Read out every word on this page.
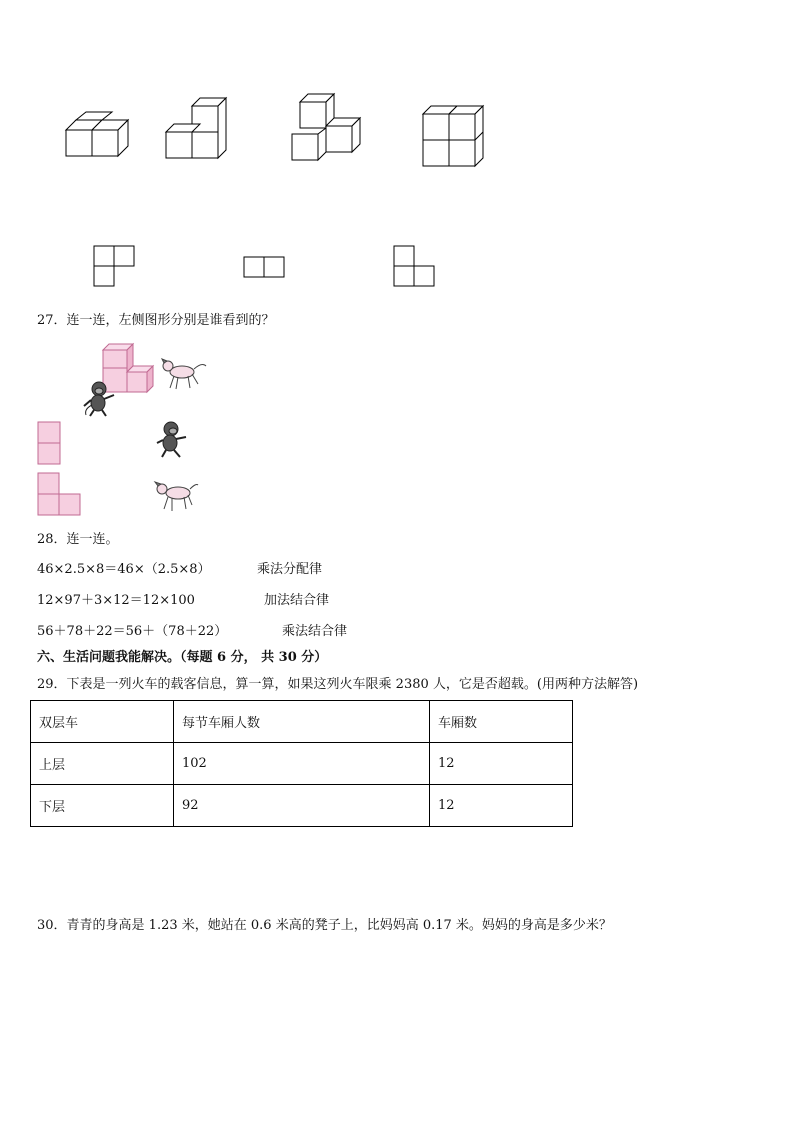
27．连一连，左侧图形分别是谁看到的？
28．连一连。
46×2.5×8＝46×（2.5×8）	乘法分配律
12×97＋3×12＝12×100	加法结合律
56＋78＋22＝56＋（78＋22）	乘法结合律
六、生活问题我能解决。（每题 6 分， 共 30 分）
29．下表是一列火车的载客信息，算一算，如果这列火车限乘 2380 人，它是否超载。(用两种方法解答)
双层车	每节车厢人数	车厢数
上层	102	12
下层	92	12
30．青青的身高是 1.23 米，她站在 0.6 米高的凳子上，比妈妈高 0.17 米。妈妈的身高是多少米？
